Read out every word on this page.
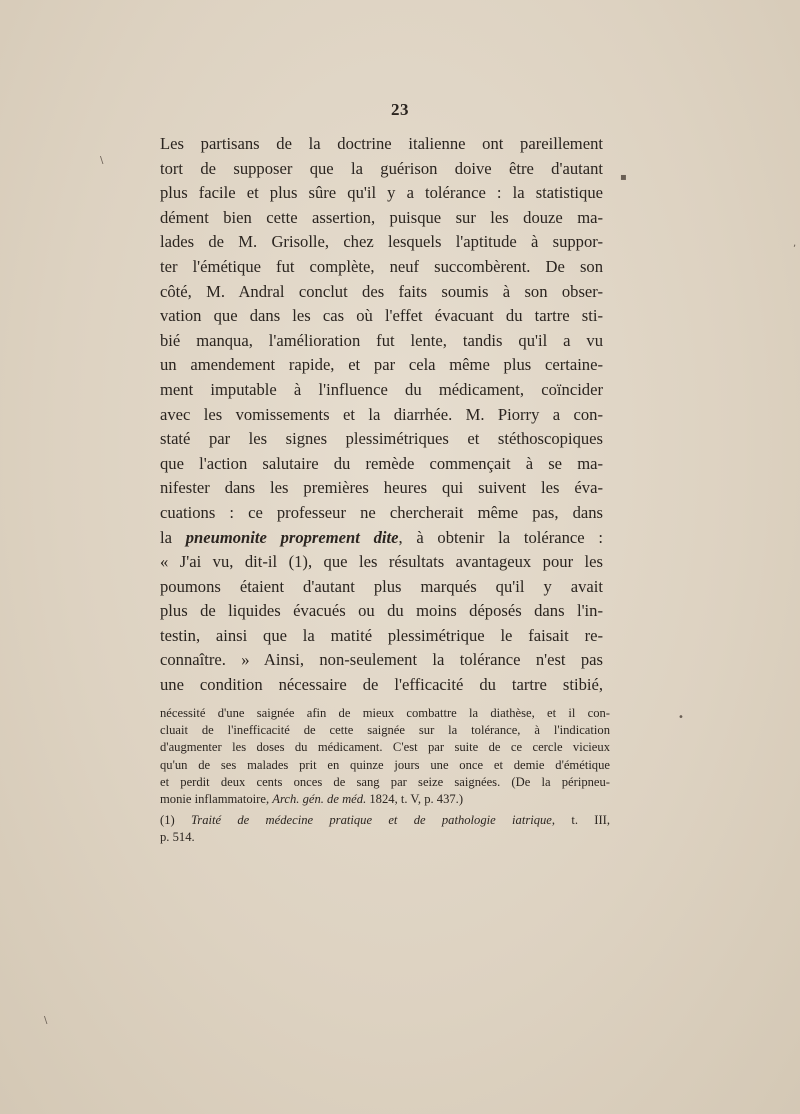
23
Les partisans de la doctrine italienne ont pareillement
tort de supposer que la guérison doive être d'autant
plus facile et plus sûre qu'il y a tolérance : la statistique
dément bien cette assertion, puisque sur les douze ma-
lades de M. Grisolle, chez lesquels l'aptitude à suppor-
ter l'émétique fut complète, neuf succombèrent. De son
côté, M. Andral conclut des faits soumis à son obser-
vation que dans les cas où l'effet évacuant du tartre sti-
bié manqua, l'amélioration fut lente, tandis qu'il a vu
un amendement rapide, et par cela même plus certaine-
ment imputable à l'influence du médicament, coïncider
avec les vomissements et la diarrhée. M. Piorry a con-
staté par les signes plessimétriques et stéthoscopiques
que l'action salutaire du remède commençait à se ma-
nifester dans les premières heures qui suivent les éva-
cuations : ce professeur ne chercherait même pas, dans
la pneumonite proprement dite, à obtenir la tolérance :
« J'ai vu, dit-il (1), que les résultats avantageux pour les
poumons étaient d'autant plus marqués qu'il y avait
plus de liquides évacués ou du moins déposés dans l'in-
testin, ainsi que la matité plessimétrique le faisait re-
connaître. » Ainsi, non-seulement la tolérance n'est pas
une condition nécessaire de l'efficacité du tartre stibié,
nécessité d'une saignée afin de mieux combattre la diathèse, et il con-
cluait de l'inefficacité de cette saignée sur la tolérance, à l'indication
d'augmenter les doses du médicament. C'est par suite de ce cercle vicieux
qu'un de ses malades prit en quinze jours une once et demie d'émétique
et perdit deux cents onces de sang par seize saignées. (De la péripneu-
monie inflammatoire, Arch. gén. de méd. 1824, t. V, p. 437.)
(1) Traité de médecine pratique et de pathologie iatrique, t. III,
p. 514.
\
▪
,
•
\
